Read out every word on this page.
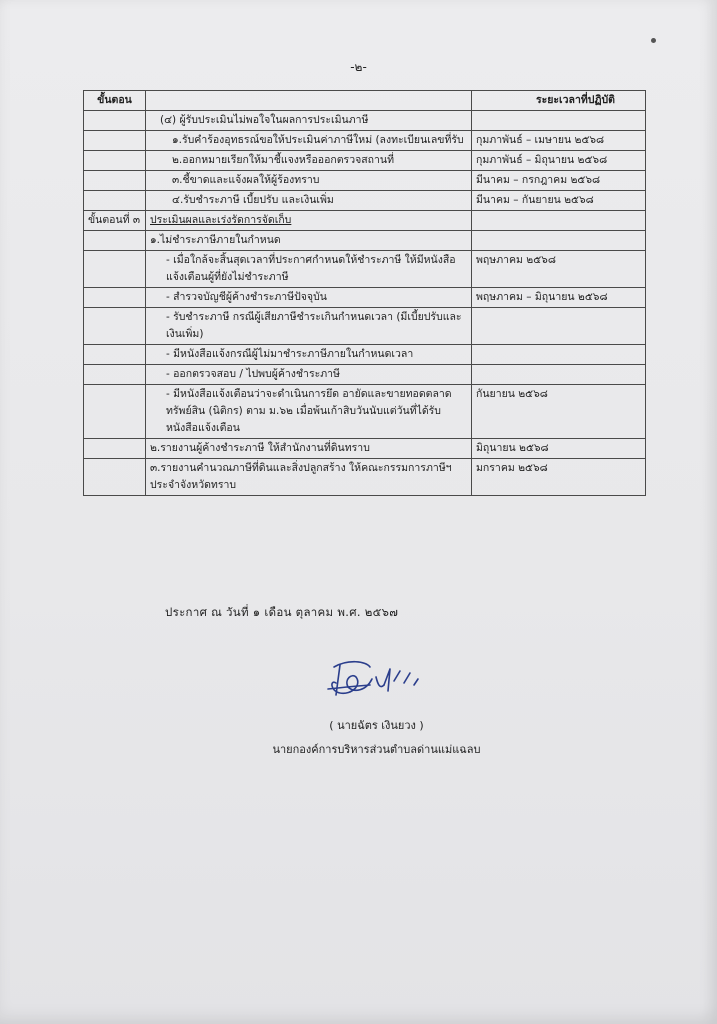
-๒-
ขั้นตอน		ระยะเวลาที่ปฏิบัติ
	(๔) ผู้รับประเมินไม่พอใจในผลการประเมินภาษี	
	๑.รับคำร้องอุทธรณ์ขอให้ประเมินค่าภาษีใหม่ (ลงทะเบียนเลขที่รับ	กุมภาพันธ์ – เมษายน ๒๕๖๘
	๒.ออกหมายเรียกให้มาชี้แจงหรือออกตรวจสถานที่	กุมภาพันธ์ – มิถุนายน ๒๕๖๘
	๓.ชี้ขาดและแจ้งผลให้ผู้ร้องทราบ	มีนาคม – กรกฎาคม ๒๕๖๘
	๔.รับชำระภาษี เบี้ยปรับ และเงินเพิ่ม	มีนาคม – กันยายน ๒๕๖๘
ขั้นตอนที่ ๓	ประเมินผลและเร่งรัดการจัดเก็บ	
	๑.ไม่ชำระภาษีภายในกำหนด	
	- เมื่อใกล้จะสิ้นสุดเวลาที่ประกาศกำหนดให้ชำระภาษี ให้มีหนังสือแจ้งเตือนผู้ที่ยังไม่ชำระภาษี	พฤษภาคม ๒๕๖๘
	- สำรวจบัญชีผู้ค้างชำระภาษีปัจจุบัน	พฤษภาคม – มิถุนายน ๒๕๖๘
	- รับชำระภาษี กรณีผู้เสียภาษีชำระเกินกำหนดเวลา (มีเบี้ยปรับและเงินเพิ่ม)	
	- มีหนังสือแจ้งกรณีผู้ไม่มาชำระภาษีภายในกำหนดเวลา	
	- ออกตรวจสอบ / ไปพบผู้ค้างชำระภาษี	
	- มีหนังสือแจ้งเตือนว่าจะดำเนินการยึด อายัดและขายทอดตลาดทรัพย์สิน (นิติกร) ตาม ม.๖๒ เมื่อพ้นเก้าสิบวันนับแต่วันที่ได้รับหนังสือแจ้งเตือน	กันยายน ๒๕๖๘
	๒.รายงานผู้ค้างชำระภาษี ให้สำนักงานที่ดินทราบ	มิถุนายน ๒๕๖๘
	๓.รายงานคำนวณภาษีที่ดินและสิ่งปลูกสร้าง ให้คณะกรรมการภาษีฯ ประจำจังหวัดทราบ	มกราคม ๒๕๖๘
ประกาศ ณ วันที่ ๑ เดือน ตุลาคม พ.ศ. ๒๕๖๗
( นายฉัตร เงินยวง )
นายกองค์การบริหารส่วนตำบลด่านแม่แฉลบ
